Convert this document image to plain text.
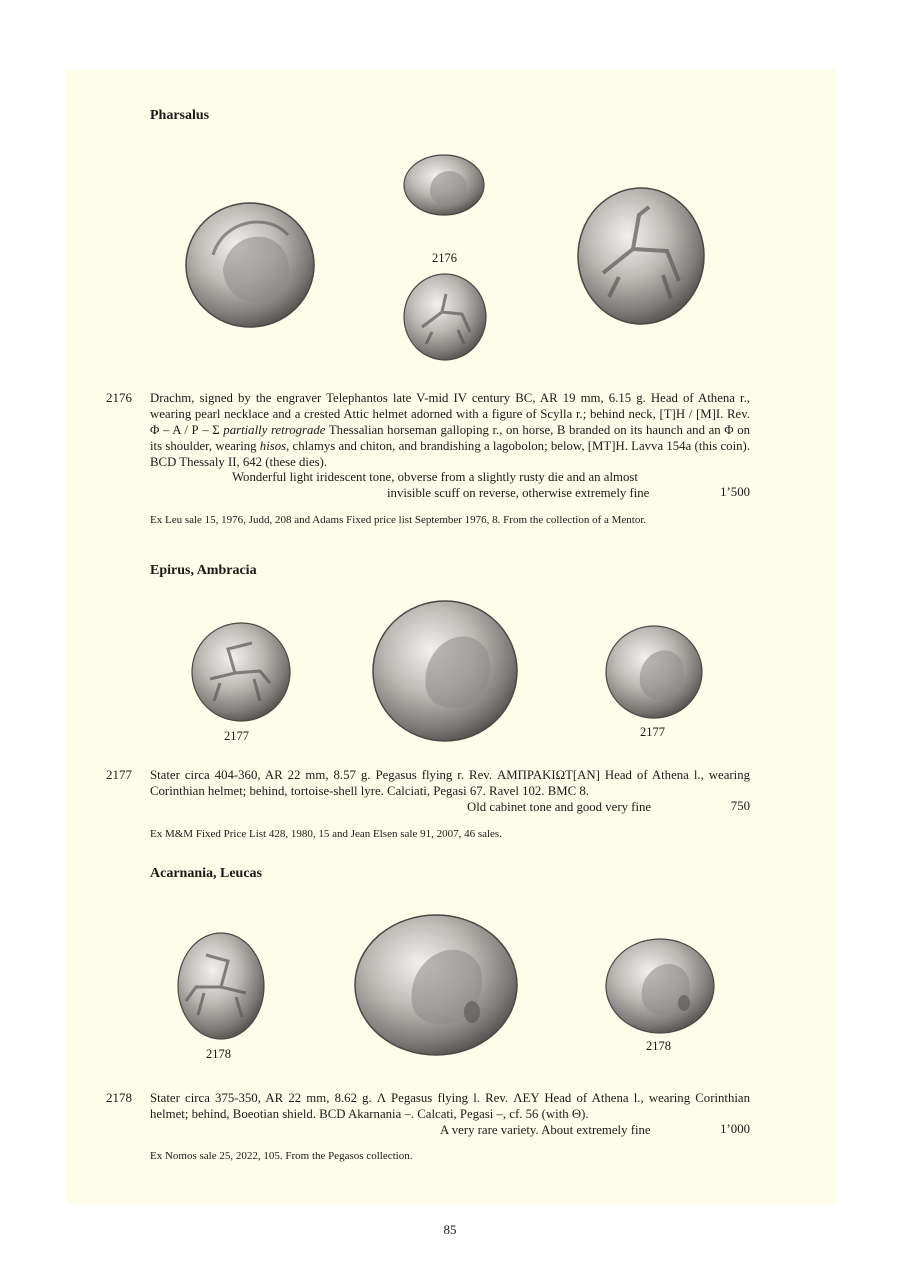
Pharsalus
2176
2176 Drachm, signed by the engraver Telephantos late V-mid IV century BC, AR 19 mm, 6.15 g. Head of Athena r., wearing pearl necklace and a crested Attic helmet adorned with a figure of Scylla r.; behind neck, [T]H / [M]I. Rev. Φ – Α / Ρ – Σ partially retrograde Thessalian horseman galloping r., on horse, B branded on its haunch and an Φ on its shoulder, wearing hisos, chlamys and chiton, and brandishing a lagobolon; below, [MT]H. Lavva 154a (this coin). BCD Thessaly II, 642 (these dies).

Wonderful light iridescent tone, obverse from a slightly rusty die and an almost
invisible scuff on reverse, otherwise extremely fine	1’500
Ex Leu sale 15, 1976, Judd, 208 and Adams Fixed price list September 1976, 8. From the collection of a Mentor.
Epirus, Ambracia
2177	2177
2177 Stater circa 404-360, AR 22 mm, 8.57 g. Pegasus flying r. Rev. ΑΜΠΡΑΚΙΩΤ[ΑΝ] Head of Athena l., wearing Corinthian helmet; behind, tortoise-shell lyre. Calciati, Pegasi 67. Ravel 102. BMC 8.
Old cabinet tone and good very fine	750
Ex M&M Fixed Price List 428, 1980, 15 and Jean Elsen sale 91, 2007, 46 sales.
Acarnania, Leucas
2178
2178
2178 Stater circa 375-350, AR 22 mm, 8.62 g. Λ Pegasus flying l. Rev. ΛΕΥ Head of Athena l., wearing Corinthian helmet; behind, Boeotian shield. BCD Akarnania –. Calcati, Pegasi –, cf. 56 (with Θ).
A very rare variety. About extremely fine	1’000
Ex Nomos sale 25, 2022, 105. From the Pegasos collection.
85
